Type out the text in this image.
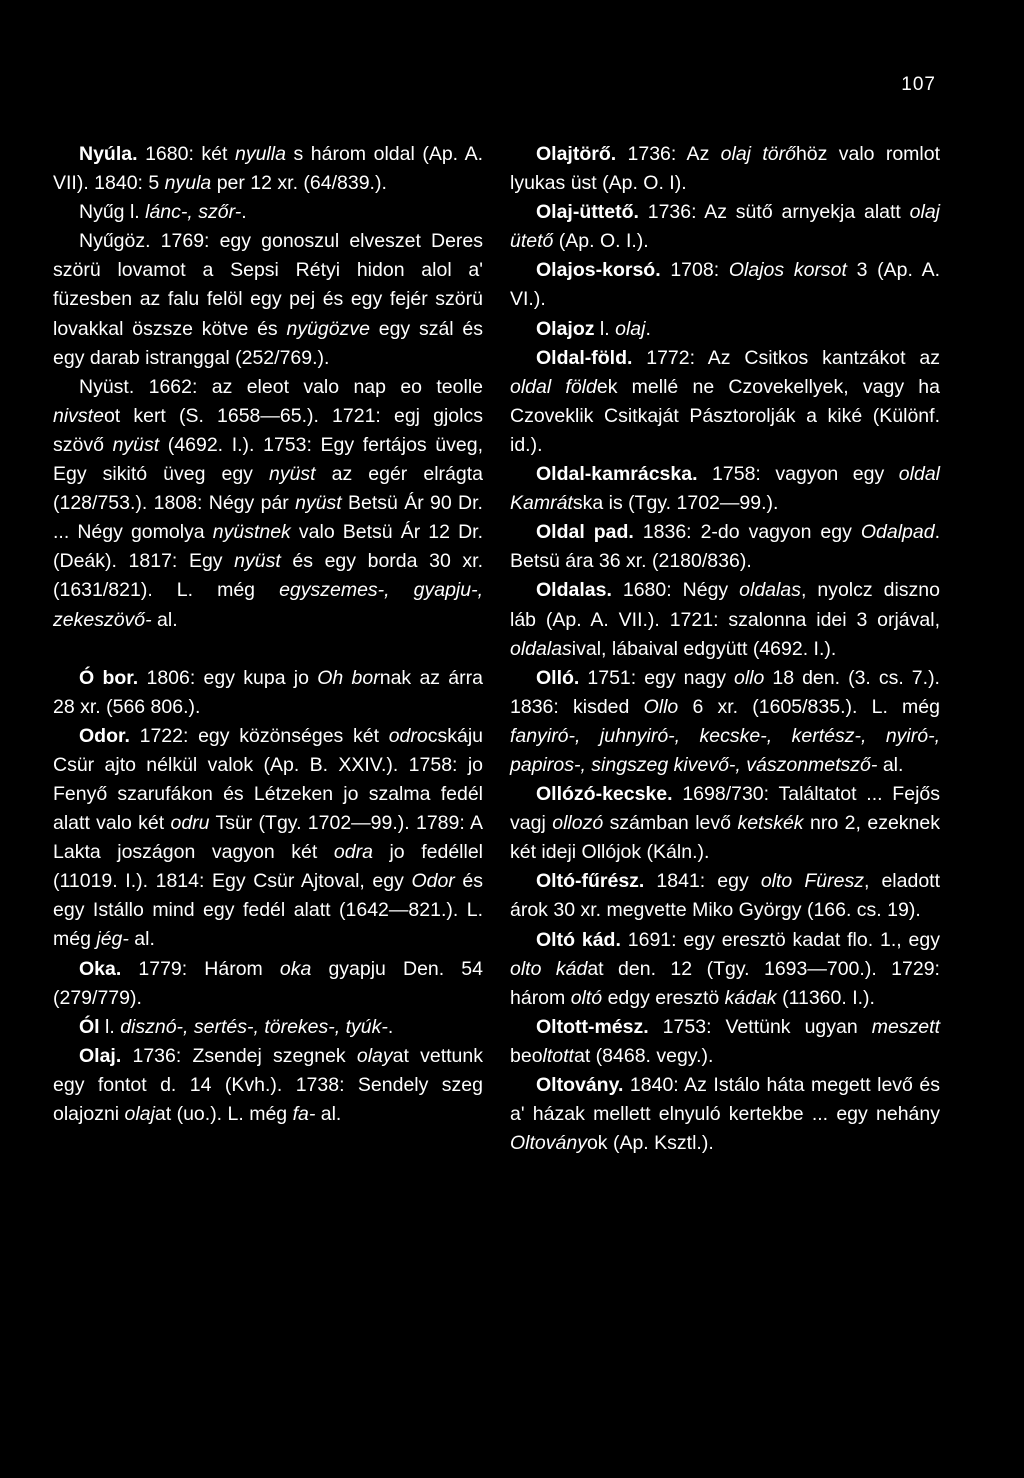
107

Nyúla. 1680: két nyulla s három oldal (Ap. A. VII). 1840: 5 nyula per 12 xr. (64/839.).

Nyűg l. lánc-, szőr-.

Nyűgöz. 1769: egy gonoszul elveszet Deres szörü lovamot a Sepsi Rétyi hidon alol a' füzesben az falu felöl egy pej és egy fejér szörü lovakkal öszsze kötve és nyügözve egy szál és egy darab istranggal (252/769.).

Nyüst. 1662: az eleot valo nap eo teolle nivsteot kert (S. 1658—65.). 1721: egj gjolcs szövő nyüst (4692. I.). 1753: Egy fertájos üveg, Egy sikitó üveg egy nyüst az egér elrágta (128/753.). 1808: Négy pár nyüst Betsü Ár 90 Dr. ... Négy gomolya nyüstnek valo Betsü Ár 12 Dr. (Deák). 1817: Egy nyüst és egy borda 30 xr. (1631/821). L. még egyszemes-, gyapju-, zekeszövő- al.

Ó bor. 1806: egy kupa jo Oh bornak az árra 28 xr. (566 806.).

Odor. 1722: egy közönséges két odrocskáju Csür ajto nélkül valok (Ap. B. XXIV.). 1758: jo Fenyő szarufákon és Létzeken jo szalma fedél alatt valo két odru Tsür (Tgy. 1702—99.). 1789: A Lakta joszágon vagyon két odra jo fedéllel (11019. I.). 1814: Egy Csür Ajtoval, egy Odor és egy Istállo mind egy fedél alatt (1642—821.). L. még jég- al.

Oka. 1779: Három oka gyapju Den. 54 (279/779).

Ól l. disznó-, sertés-, törekes-, tyúk-.

Olaj. 1736: Zsendej szegnek olayat vettunk egy fontot d. 14 (Kvh.). 1738: Sendely szeg olajozni olajat (uo.). L. még fa- al.

Olajtörő. 1736: Az olaj törőhöz valo romlot lyukas üst (Ap. O. I).

Olaj-üttető. 1736: Az sütő arnyekja alatt olaj ütető (Ap. O. I.).

Olajos-korsó. 1708: Olajos korsot 3 (Ap. A. VI.).

Olajoz l. olaj.

Oldal-föld. 1772: Az Csitkos kantzákot az oldal földek mellé ne Czovekellyek, vagy ha Czoveklik Csitkaját Pásztorolják a kiké (Különf. id.).

Oldal-kamrácska. 1758: vagyon egy oldal Kamrátska is (Tgy. 1702—99.).

Oldal pad. 1836: 2-do vagyon egy Odalpad. Betsü ára 36 xr. (2180/836).

Oldalas. 1680: Négy oldalas, nyolcz diszno láb (Ap. A. VII.). 1721: szalonna idei 3 orjával, oldalasival, lábaival edgyütt (4692. I.).

Olló. 1751: egy nagy ollo 18 den. (3. cs. 7.). 1836: kisded Ollo 6 xr. (1605/835.). L. még fanyiró-, juhnyiró-, kecske-, kertész-, nyiró-, papiros-, singszeg kivevő-, vászonmetsző- al.

Ollózó-kecske. 1698/730: Találtatot ... Fejős vagj ollozó számban levő ketskék nro 2, ezeknek két ideji Ollójok (Káln.).

Oltó-fűrész. 1841: egy olto Füresz, eladott árok 30 xr. megvette Miko György (166. cs. 19).

Oltó kád. 1691: egy eresztö kadat flo. 1., egy olto kádat den. 12 (Tgy. 1693—700.). 1729: három oltó edgy eresztö kádak (11360. I.).

Oltott-mész. 1753: Vettünk ugyan meszett beoltottat (8468. vegy.).

Oltovány. 1840: Az Istálo háta megett levő és a' házak mellett elnyuló kertekbe ... egy nehány Oltoványok (Ap. Ksztl.).
